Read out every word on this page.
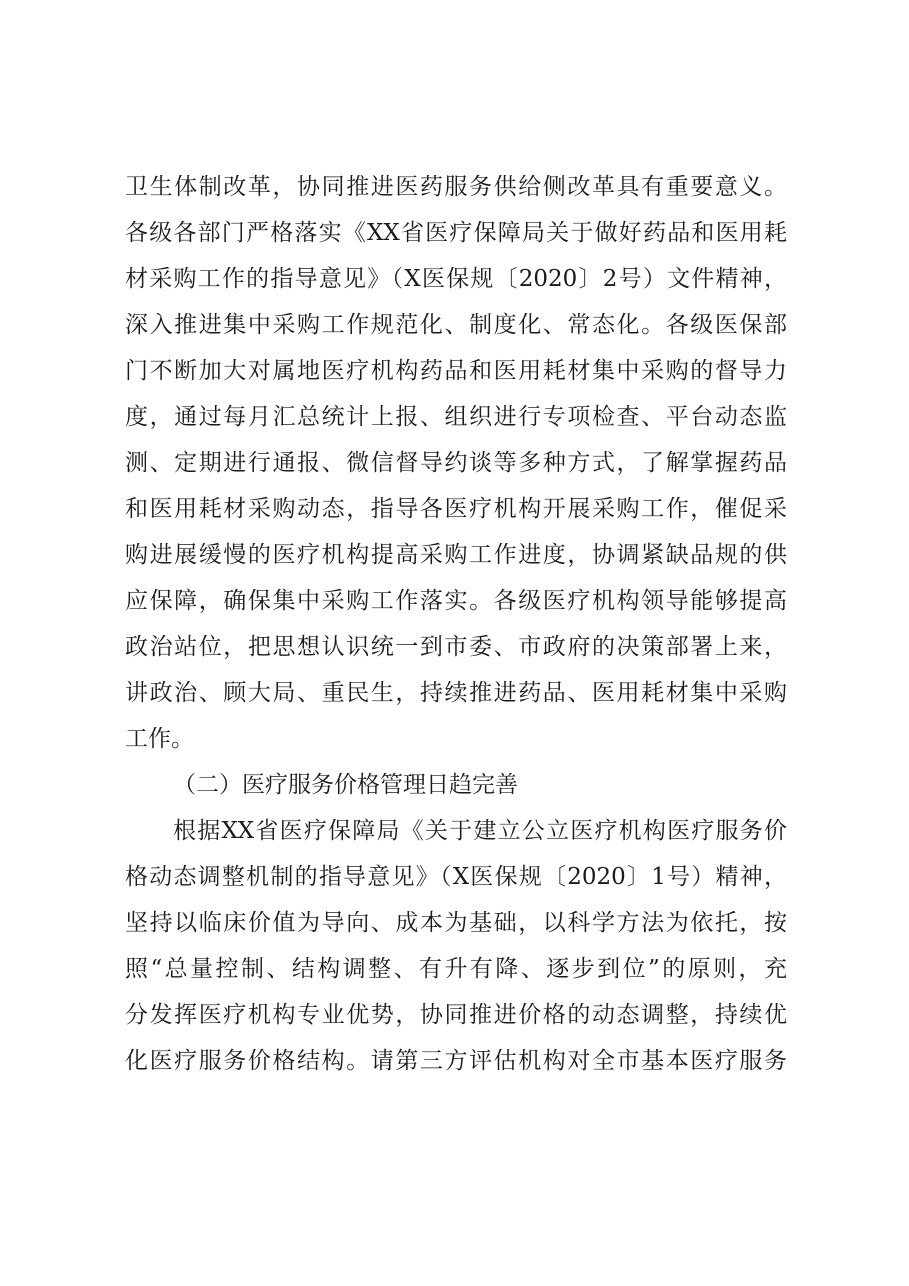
卫生体制改革，协同推进医药服务供给侧改革具有重要意义。
各级各部门严格落实《XX省医疗保障局关于做好药品和医用耗
材采购工作的指导意见》（X医保规〔2020〕2号）文件精神，
深入推进集中采购工作规范化、制度化、常态化。各级医保部
门不断加大对属地医疗机构药品和医用耗材集中采购的督导力
度，通过每月汇总统计上报、组织进行专项检查、平台动态监
测、定期进行通报、微信督导约谈等多种方式，了解掌握药品
和医用耗材采购动态，指导各医疗机构开展采购工作，催促采
购进展缓慢的医疗机构提高采购工作进度，协调紧缺品规的供
应保障，确保集中采购工作落实。各级医疗机构领导能够提高
政治站位，把思想认识统一到市委、市政府的决策部署上来，
讲政治、顾大局、重民生，持续推进药品、医用耗材集中采购
工作。
（二）医疗服务价格管理日趋完善
根据XX省医疗保障局《关于建立公立医疗机构医疗服务价
格动态调整机制的指导意见》（X医保规〔2020〕1号）精神，
坚持以临床价值为导向、成本为基础，以科学方法为依托，按
照“总量控制、结构调整、有升有降、逐步到位”的原则，充
分发挥医疗机构专业优势，协同推进价格的动态调整，持续优
化医疗服务价格结构。请第三方评估机构对全市基本医疗服务
